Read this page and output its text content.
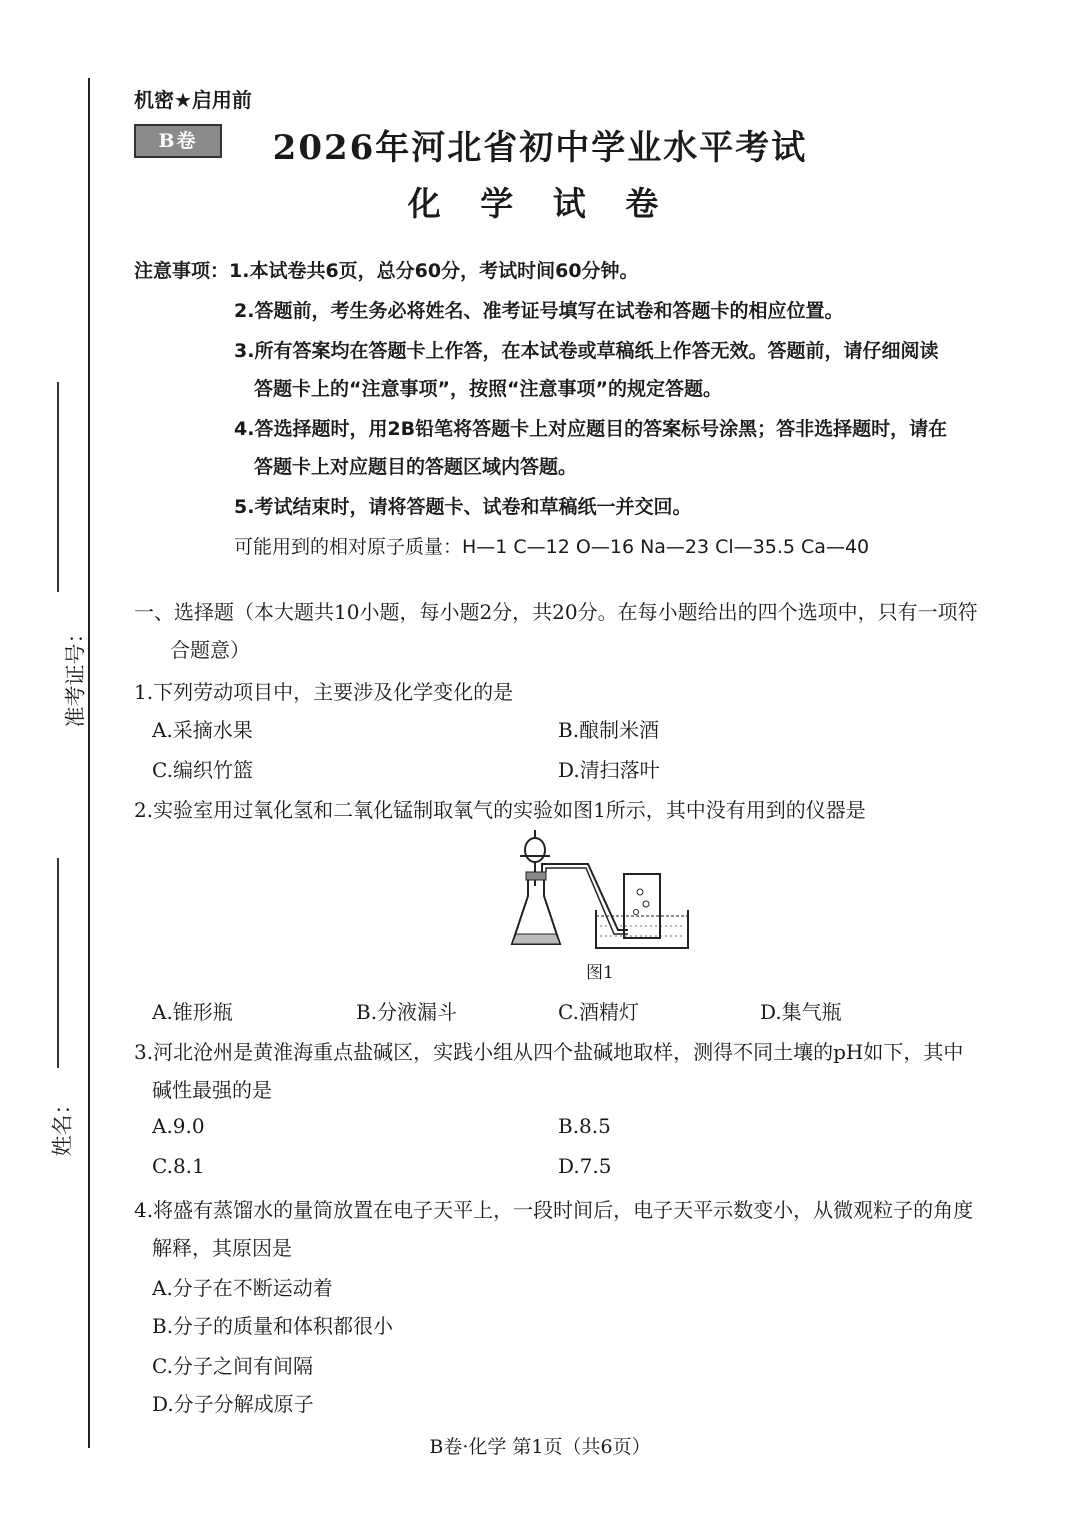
准考证号：
姓名：
机密★启用前
B卷	2026年河北省初中学业水平考试
化 学 试 卷
注意事项：1.本试卷共6页，总分60分，考试时间60分钟。
2.答题前，考生务必将姓名、准考证号填写在试卷和答题卡的相应位置。
3.所有答案均在答题卡上作答，在本试卷或草稿纸上作答无效。答题前，请仔细阅读
答题卡上的“注意事项”，按照“注意事项”的规定答题。
4.答选择题时，用2B铅笔将答题卡上对应题目的答案标号涂黑；答非选择题时，请在
答题卡上对应题目的答题区域内答题。
5.考试结束时，请将答题卡、试卷和草稿纸一并交回。
可能用到的相对原子质量：H—1 C—12 O—16 Na—23 Cl—35.5 Ca—40
一、选择题（本大题共10小题，每小题2分，共20分。在每小题给出的四个选项中，只有一项符
合题意）
1.下列劳动项目中，主要涉及化学变化的是
A.采摘水果	B.酿制米酒
C.编织竹篮	D.清扫落叶
2.实验室用过氧化氢和二氧化锰制取氧气的实验如图1所示，其中没有用到的仪器是
图1
A.锥形瓶	B.分液漏斗	C.酒精灯	D.集气瓶
3.河北沧州是黄淮海重点盐碱区，实践小组从四个盐碱地取样，测得不同土壤的pH如下，其中
碱性最强的是
A.9.0	B.8.5
C.8.1	D.7.5
4.将盛有蒸馏水的量筒放置在电子天平上，一段时间后，电子天平示数变小，从微观粒子的角度
解释，其原因是
A.分子在不断运动着
B.分子的质量和体积都很小
C.分子之间有间隔
D.分子分解成原子
B卷·化学 第1页（共6页）
